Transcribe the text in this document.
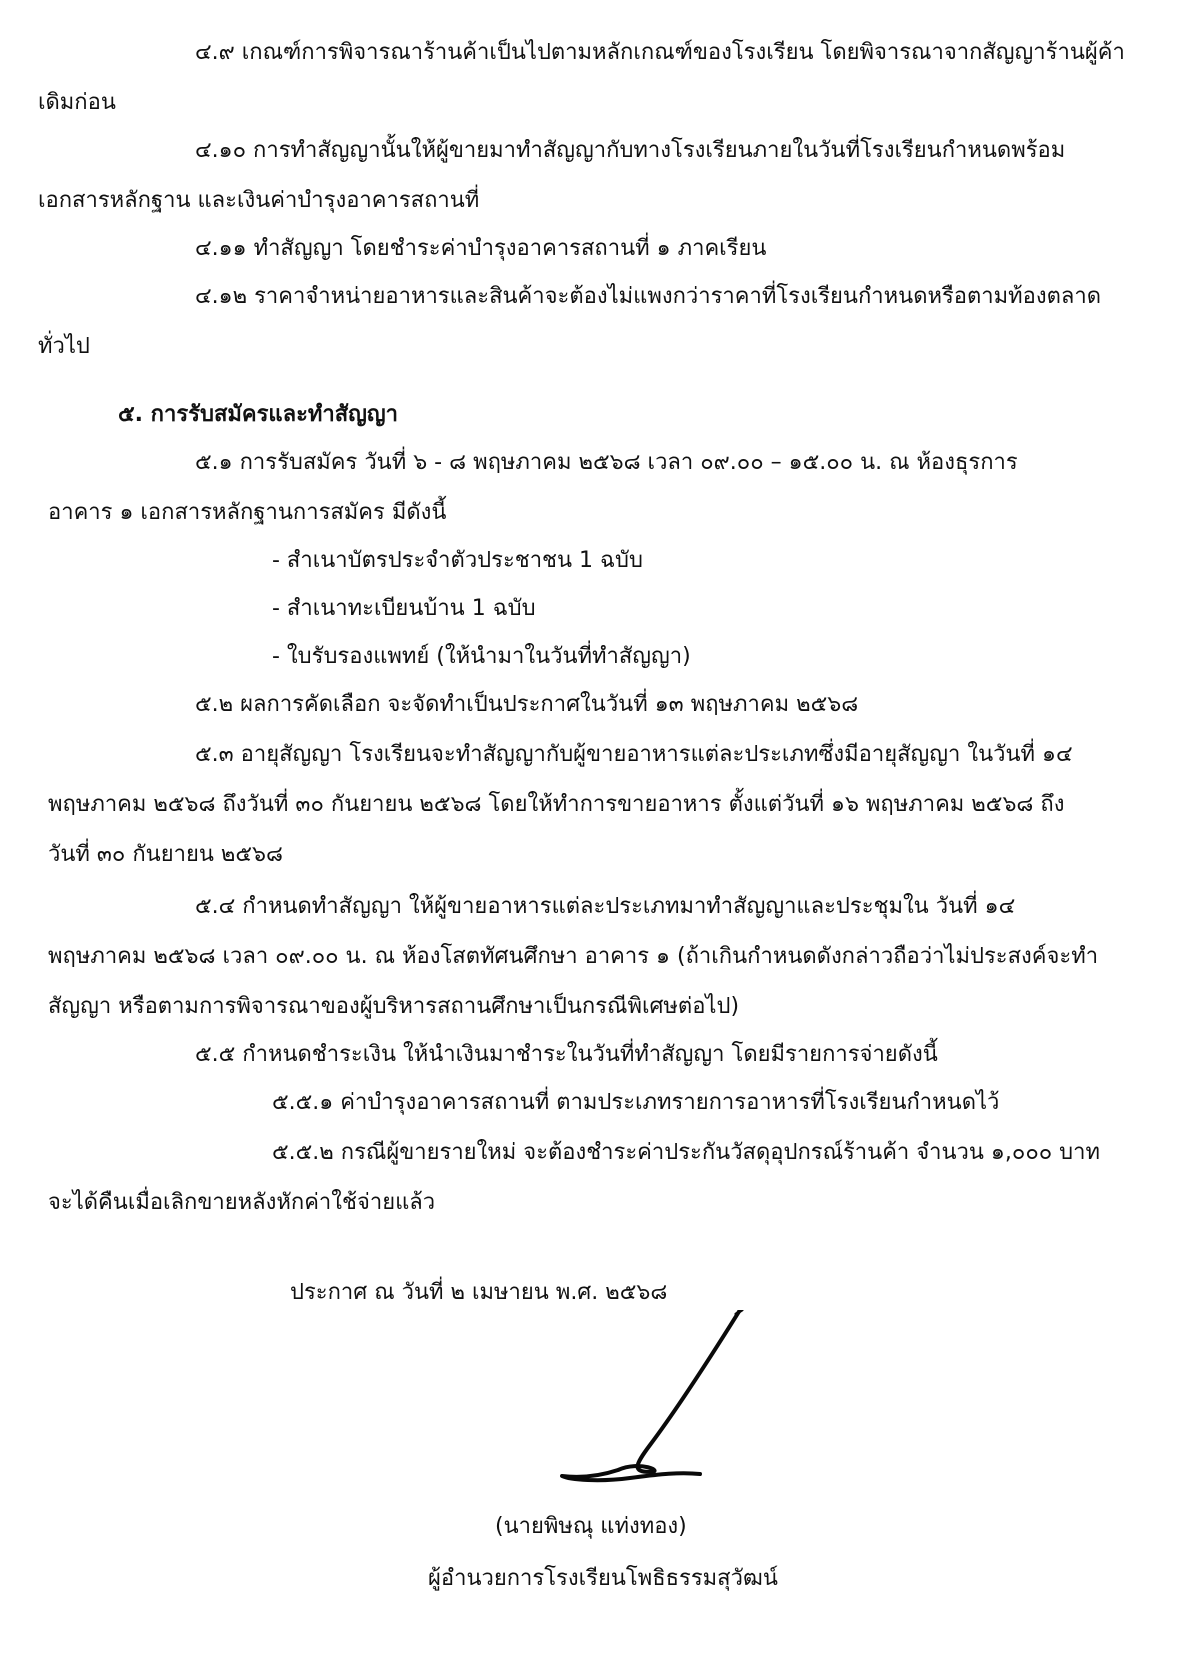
๔.๙ เกณฑ์การพิจารณาร้านค้าเป็นไปตามหลักเกณฑ์ของโรงเรียน โดยพิจารณาจากสัญญาร้านผู้ค้า

เดิมก่อน

๔.๑๐ การทำสัญญานั้นให้ผู้ขายมาทำสัญญากับทางโรงเรียนภายในวันที่โรงเรียนกำหนดพร้อม

เอกสารหลักฐาน และเงินค่าบำรุงอาคารสถานที่

๔.๑๑ ทำสัญญา โดยชำระค่าบำรุงอาคารสถานที่ ๑ ภาคเรียน

๔.๑๒ ราคาจำหน่ายอาหารและสินค้าจะต้องไม่แพงกว่าราคาที่โรงเรียนกำหนดหรือตามท้องตลาด

ทั่วไป

๕. การรับสมัครและทำสัญญา

๕.๑ การรับสมัคร วันที่ ๖ - ๘ พฤษภาคม ๒๕๖๘ เวลา ๐๙.๐๐ – ๑๕.๐๐ น. ณ ห้องธุรการ

อาคาร ๑ เอกสารหลักฐานการสมัคร มีดังนี้

- สำเนาบัตรประจำตัวประชาชน 1 ฉบับ

- สำเนาทะเบียนบ้าน 1 ฉบับ

- ใบรับรองแพทย์ (ให้นำมาในวันที่ทำสัญญา)

๕.๒ ผลการคัดเลือก จะจัดทำเป็นประกาศในวันที่ ๑๓ พฤษภาคม ๒๕๖๘

๕.๓ อายุสัญญา โรงเรียนจะทำสัญญากับผู้ขายอาหารแต่ละประเภทซึ่งมีอายุสัญญา ในวันที่ ๑๔

พฤษภาคม ๒๕๖๘ ถึงวันที่ ๓๐ กันยายน ๒๕๖๘ โดยให้ทำการขายอาหาร ตั้งแต่วันที่ ๑๖ พฤษภาคม ๒๕๖๘ ถึง

วันที่ ๓๐ กันยายน ๒๕๖๘

๕.๔ กำหนดทำสัญญา ให้ผู้ขายอาหารแต่ละประเภทมาทำสัญญาและประชุมใน วันที่ ๑๔

พฤษภาคม ๒๕๖๘ เวลา ๐๙.๐๐ น. ณ ห้องโสตทัศนศึกษา อาคาร ๑ (ถ้าเกินกำหนดดังกล่าวถือว่าไม่ประสงค์จะทำ

สัญญา หรือตามการพิจารณาของผู้บริหารสถานศึกษาเป็นกรณีพิเศษต่อไป)

๕.๕ กำหนดชำระเงิน ให้นำเงินมาชำระในวันที่ทำสัญญา โดยมีรายการจ่ายดังนี้

๕.๕.๑ ค่าบำรุงอาคารสถานที่ ตามประเภทรายการอาหารที่โรงเรียนกำหนดไว้

๕.๕.๒ กรณีผู้ขายรายใหม่ จะต้องชำระค่าประกันวัสดุอุปกรณ์ร้านค้า จำนวน ๑,๐๐๐ บาท

จะได้คืนเมื่อเลิกขายหลังหักค่าใช้จ่ายแล้ว

ประกาศ ณ วันที่ ๒ เมษายน พ.ศ. ๒๕๖๘

(นายพิษณุ แท่งทอง)

ผู้อำนวยการโรงเรียนโพธิธรรมสุวัฒน์
